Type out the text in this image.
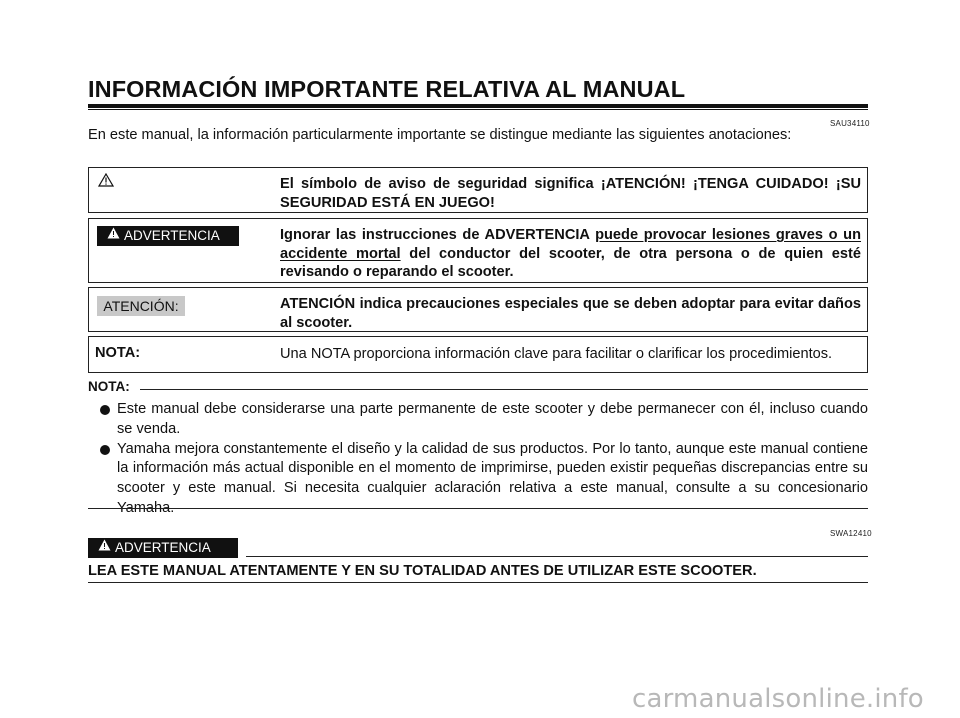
INFORMACIÓN IMPORTANTE RELATIVA AL MANUAL
SAU34110
En este manual, la información particularmente importante se distingue mediante las siguientes anotaciones:
El símbolo de aviso de seguridad significa ¡ATENCIÓN! ¡TENGA CUIDADO! ¡SU SEGURIDAD ESTÁ EN JUEGO!
ADVERTENCIA	Ignorar las instrucciones de ADVERTENCIA puede provocar lesiones graves o un accidente mortal del conductor del scooter, de otra persona o de quien esté revisando o reparando el scooter.
ATENCIÓN:	ATENCIÓN indica precauciones especiales que se deben adoptar para evitar daños al scooter.
NOTA:	Una NOTA proporciona información clave para facilitar o clarificar los procedimientos.
NOTA:
Este manual debe considerarse una parte permanente de este scooter y debe permanecer con él, incluso cuando se venda.
Yamaha mejora constantemente el diseño y la calidad de sus productos. Por lo tanto, aunque este manual contiene la información más actual disponible en el momento de imprimirse, pueden existir pequeñas discrepancias entre su scooter y este manual. Si necesita cualquier aclaración relativa a este manual, consulte a su concesionario Yamaha.
SWA12410
ADVERTENCIA
LEA ESTE MANUAL ATENTAMENTE Y EN SU TOTALIDAD ANTES DE UTILIZAR ESTE SCOOTER.
carmanualsonline.info
